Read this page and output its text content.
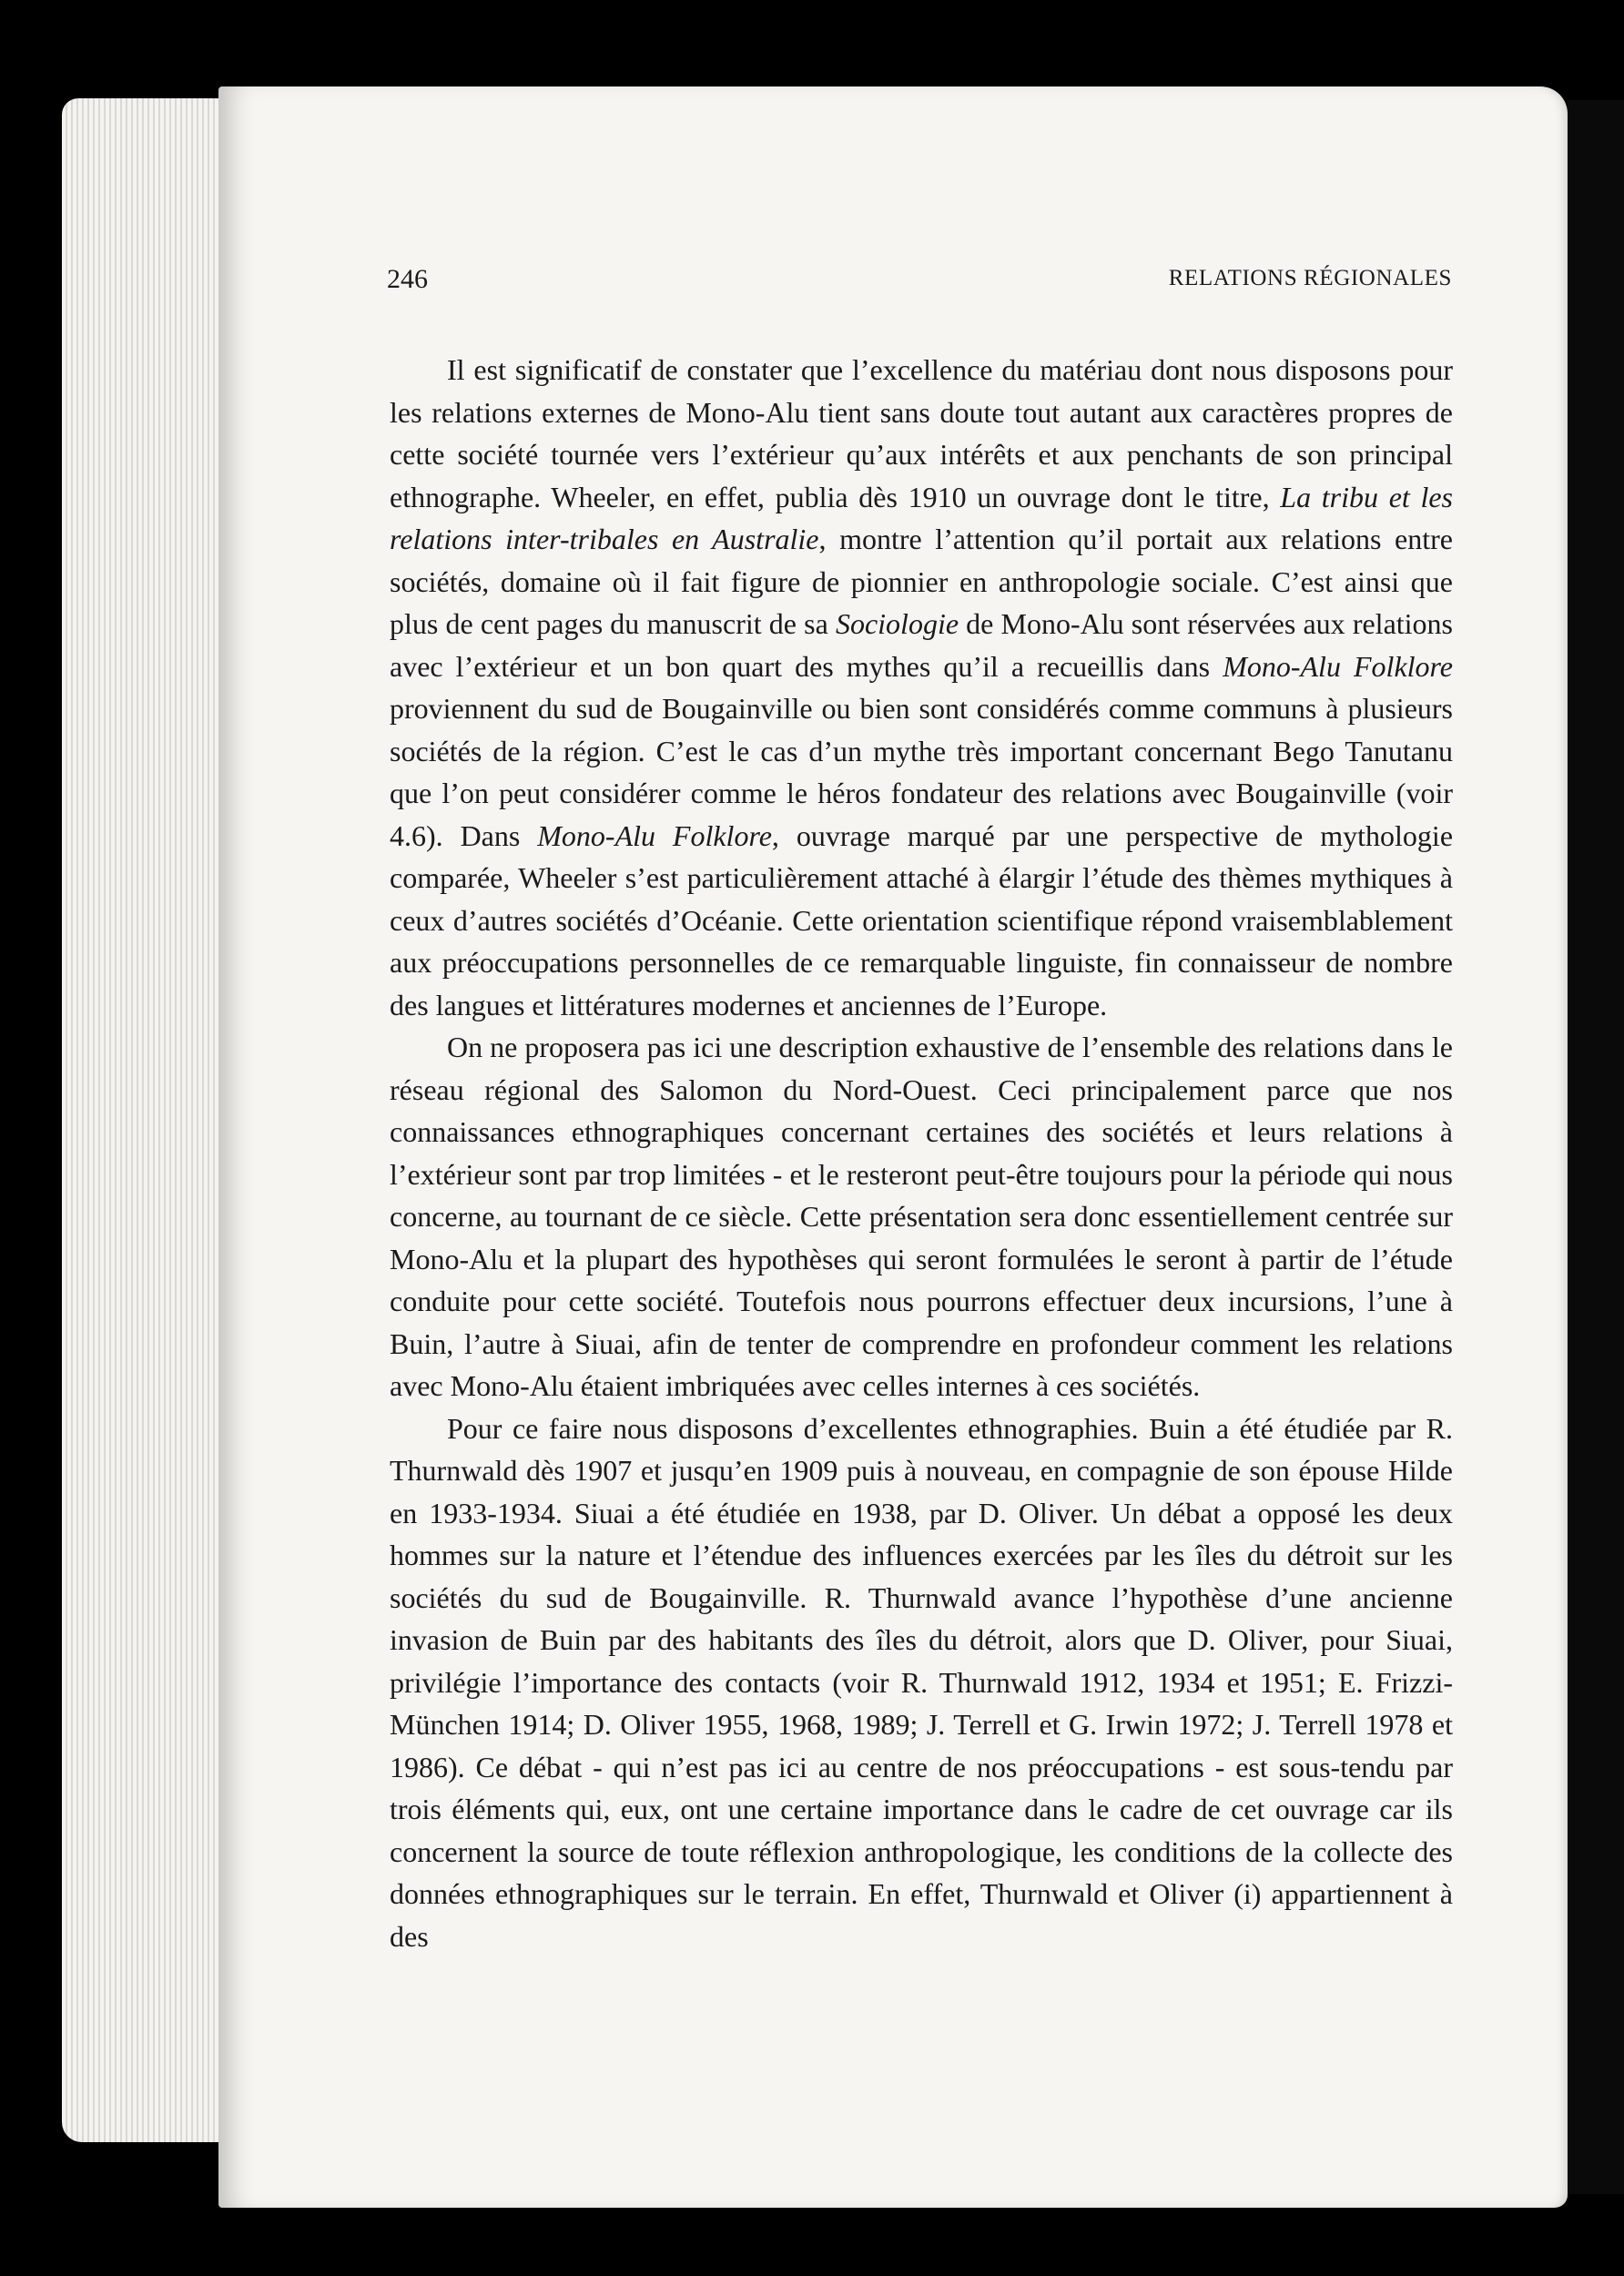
246	RELATIONS RÉGIONALES

Il est significatif de constater que l’excellence du matériau dont nous disposons pour les relations externes de Mono-Alu tient sans doute tout autant aux caractères propres de cette société tournée vers l’extérieur qu’aux intérêts et aux penchants de son principal ethnographe. Wheeler, en effet, publia dès 1910 un ouvrage dont le titre, La tribu et les relations inter-tribales en Australie, montre l’attention qu’il portait aux relations entre sociétés, domaine où il fait figure de pionnier en anthropologie sociale. C’est ainsi que plus de cent pages du manuscrit de sa Sociologie de Mono-Alu sont réservées aux relations avec l’extérieur et un bon quart des mythes qu’il a recueillis dans Mono-Alu Folklore proviennent du sud de Bougainville ou bien sont considérés comme communs à plusieurs sociétés de la région. C’est le cas d’un mythe très important concernant Bego Tanutanu que l’on peut considérer comme le héros fondateur des relations avec Bougainville (voir 4.6). Dans Mono-Alu Folklore, ouvrage marqué par une perspective de mythologie comparée, Wheeler s’est particulièrement attaché à élargir l’étude des thèmes mythiques à ceux d’autres sociétés d’Océanie. Cette orientation scientifique répond vraisemblablement aux préoccupations personnelles de ce remarquable linguiste, fin connaisseur de nombre des langues et littératures modernes et anciennes de l’Europe.

On ne proposera pas ici une description exhaustive de l’ensemble des relations dans le réseau régional des Salomon du Nord-Ouest. Ceci principalement parce que nos connaissances ethnographiques concernant certaines des sociétés et leurs relations à l’extérieur sont par trop limitées - et le resteront peut-être toujours pour la période qui nous concerne, au tournant de ce siècle. Cette présentation sera donc essentiellement centrée sur Mono-Alu et la plupart des hypothèses qui seront formulées le seront à partir de l’étude conduite pour cette société. Toutefois nous pourrons effectuer deux incursions, l’une à Buin, l’autre à Siuai, afin de tenter de comprendre en profondeur comment les relations avec Mono-Alu étaient imbriquées avec celles internes à ces sociétés.

Pour ce faire nous disposons d’excellentes ethnographies. Buin a été étudiée par R. Thurnwald dès 1907 et jusqu’en 1909 puis à nouveau, en compagnie de son épouse Hilde en 1933-1934. Siuai a été étudiée en 1938, par D. Oliver. Un débat a opposé les deux hommes sur la nature et l’étendue des influences exercées par les îles du détroit sur les sociétés du sud de Bougainville. R. Thurnwald avance l’hypothèse d’une ancienne invasion de Buin par des habitants des îles du détroit, alors que D. Oliver, pour Siuai, privilégie l’importance des contacts (voir R. Thurnwald 1912, 1934 et 1951; E. Frizzi-München 1914; D. Oliver 1955, 1968, 1989; J. Terrell et G. Irwin 1972; J. Terrell 1978 et 1986). Ce débat - qui n’est pas ici au centre de nos préoccupations - est sous-tendu par trois éléments qui, eux, ont une certaine importance dans le cadre de cet ouvrage car ils concernent la source de toute réflexion anthropologique, les conditions de la collecte des données ethnographiques sur le terrain. En effet, Thurnwald et Oliver (i) appartiennent à des
